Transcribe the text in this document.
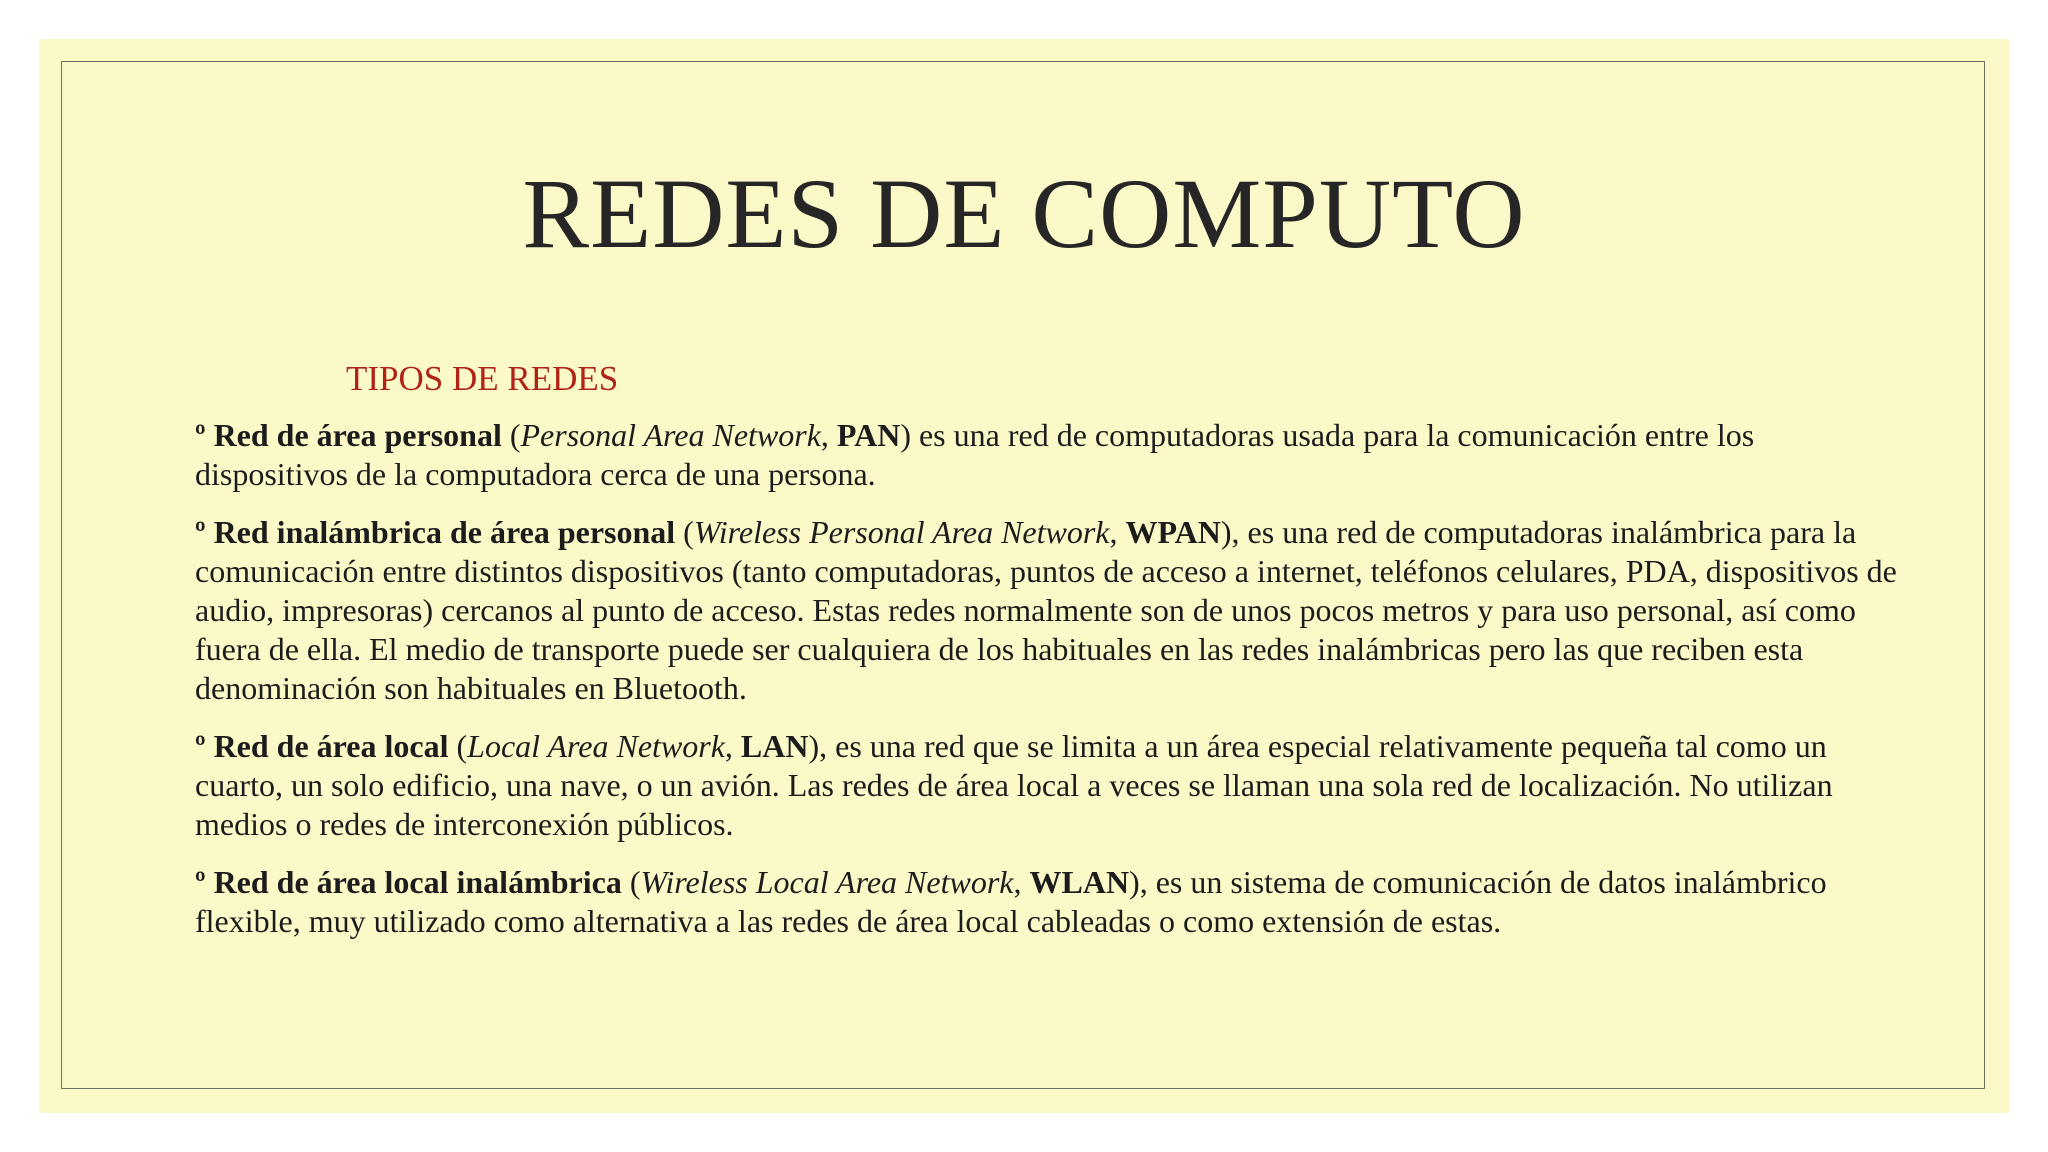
REDES DE COMPUTO
TIPOS DE REDES

º Red de área personal (Personal Area Network, PAN) es una red de computadoras usada para la comunicación entre los dispositivos de la computadora cerca de una persona.

º Red inalámbrica de área personal (Wireless Personal Area Network, WPAN), es una red de computadoras inalámbrica para la comunicación entre distintos dispositivos (tanto computadoras, puntos de acceso a internet, teléfonos celulares, PDA, dispositivos de audio, impresoras) cercanos al punto de acceso. Estas redes normalmente son de unos pocos metros y para uso personal, así como fuera de ella. El medio de transporte puede ser cualquiera de los habituales en las redes inalámbricas pero las que reciben esta denominación son habituales en Bluetooth.

º Red de área local (Local Area Network, LAN), es una red que se limita a un área especial relativamente pequeña tal como un cuarto, un solo edificio, una nave, o un avión. Las redes de área local a veces se llaman una sola red de localización. No utilizan medios o redes de interconexión públicos.

º Red de área local inalámbrica (Wireless Local Area Network, WLAN), es un sistema de comunicación de datos inalámbrico flexible, muy utilizado como alternativa a las redes de área local cableadas o como extensión de estas.
